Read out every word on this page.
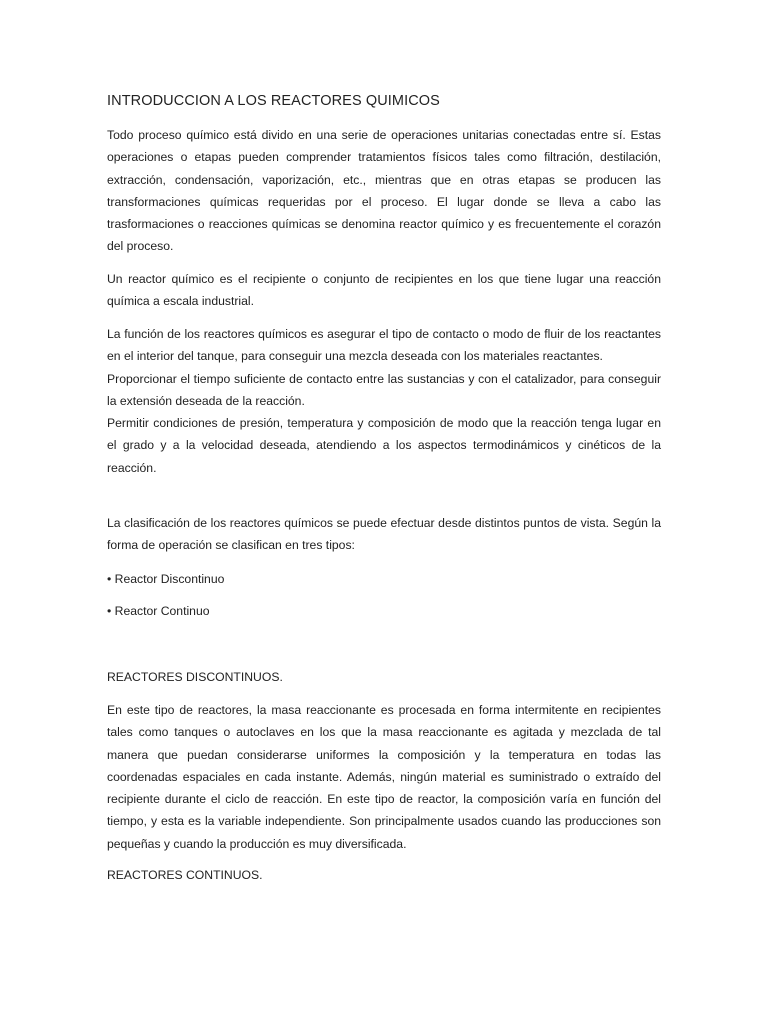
INTRODUCCION A LOS REACTORES QUIMICOS

Todo proceso químico está divido en una serie de operaciones unitarias conectadas entre sí. Estas operaciones o etapas pueden comprender tratamientos físicos tales como filtración, destilación, extracción, condensación, vaporización, etc., mientras que en otras etapas se producen las transformaciones químicas requeridas por el proceso. El lugar donde se lleva a cabo las trasformaciones o reacciones químicas se denomina reactor químico y es frecuentemente el corazón del proceso.

Un reactor químico es el recipiente o conjunto de recipientes en los que tiene lugar una reacción química a escala industrial.

La función de los reactores químicos es asegurar el tipo de contacto o modo de fluir de los reactantes en el interior del tanque, para conseguir una mezcla deseada con los materiales reactantes.
Proporcionar el tiempo suficiente de contacto entre las sustancias y con el catalizador, para conseguir la extensión deseada de la reacción.
Permitir condiciones de presión, temperatura y composición de modo que la reacción tenga lugar en el grado y a la velocidad deseada, atendiendo a los aspectos termodinámicos y cinéticos de la reacción.

La clasificación de los reactores químicos se puede efectuar desde distintos puntos de vista. Según la forma de operación se clasifican en tres tipos:

• Reactor Discontinuo
• Reactor Continuo
REACTORES DISCONTINUOS.

En este tipo de reactores, la masa reaccionante es procesada en forma intermitente en recipientes tales como tanques o autoclaves en los que la masa reaccionante es agitada y mezclada de tal manera que puedan considerarse uniformes la composición y la temperatura en todas las coordenadas espaciales en cada instante. Además, ningún material es suministrado o extraído del recipiente durante el ciclo de reacción. En este tipo de reactor, la composición varía en función del tiempo, y esta es la variable independiente. Son principalmente usados cuando las producciones son pequeñas y cuando la producción es muy diversificada.

REACTORES CONTINUOS.
